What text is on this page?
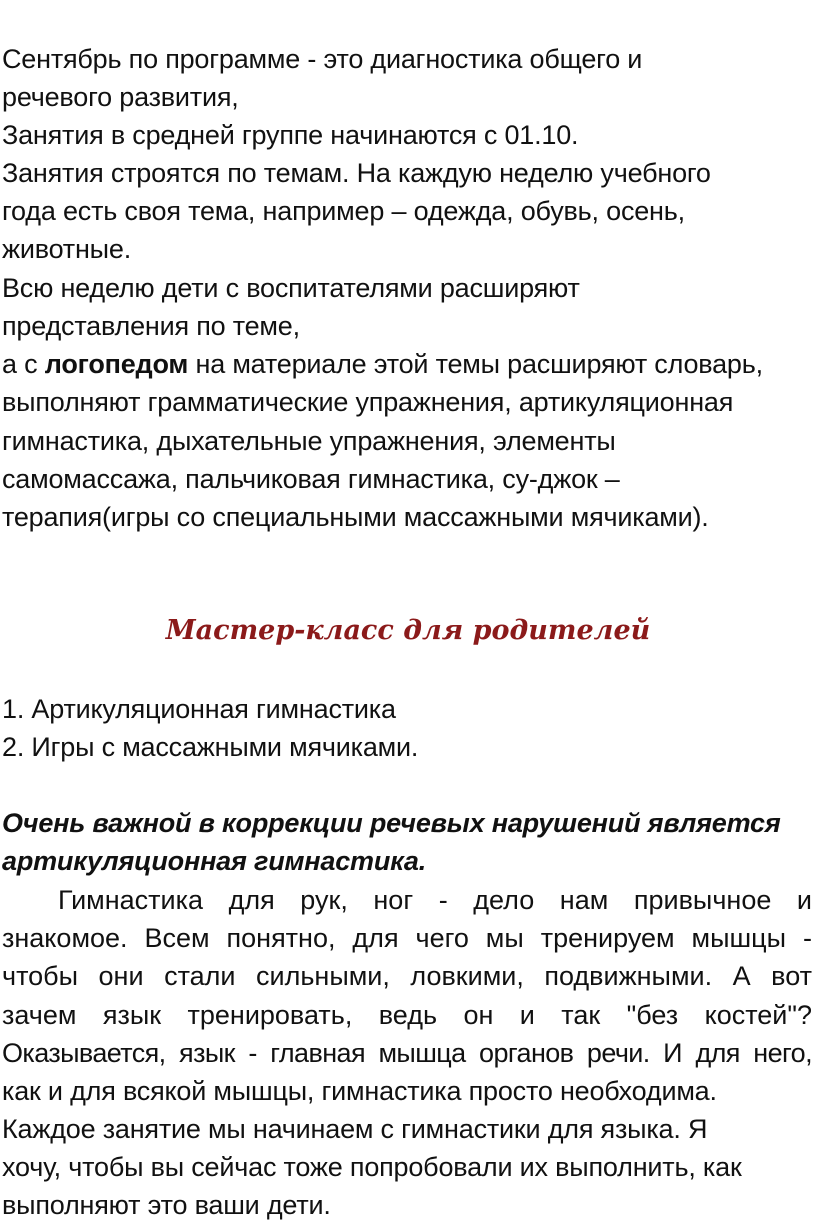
Сентябрь по программе - это диагностика общего и
речевого развития,
Занятия в средней группе начинаются с 01.10.
Занятия строятся по темам. На каждую неделю учебного
года есть своя тема, например – одежда, обувь, осень,
животные.
Всю неделю дети с воспитателями расширяют
представления по теме,
а с логопедом на материале этой темы расширяют словарь,
выполняют грамматические упражнения, артикуляционная
гимнастика, дыхательные упражнения, элементы
самомассажа, пальчиковая гимнастика, су-джок –
терапия(игры со специальными массажными мячиками).
Мастер-класс для родителей
1. Артикуляционная гимнастика
2. Игры с массажными мячиками.
Очень важной в коррекции речевых нарушений является
артикуляционная гимнастика.
Гимнастика для рук, ног - дело нам привычное и
знакомое. Всем понятно, для чего мы тренируем мышцы -
чтобы они стали сильными, ловкими, подвижными. А вот
зачем язык тренировать, ведь он и так "без костей"?
Оказывается, язык - главная мышца органов речи. И для него,
как и для всякой мышцы, гимнастика просто необходима.
Каждое занятие мы начинаем с гимнастики для языка. Я
хочу, чтобы вы сейчас тоже попробовали их выполнить, как
выполняют это ваши дети.
